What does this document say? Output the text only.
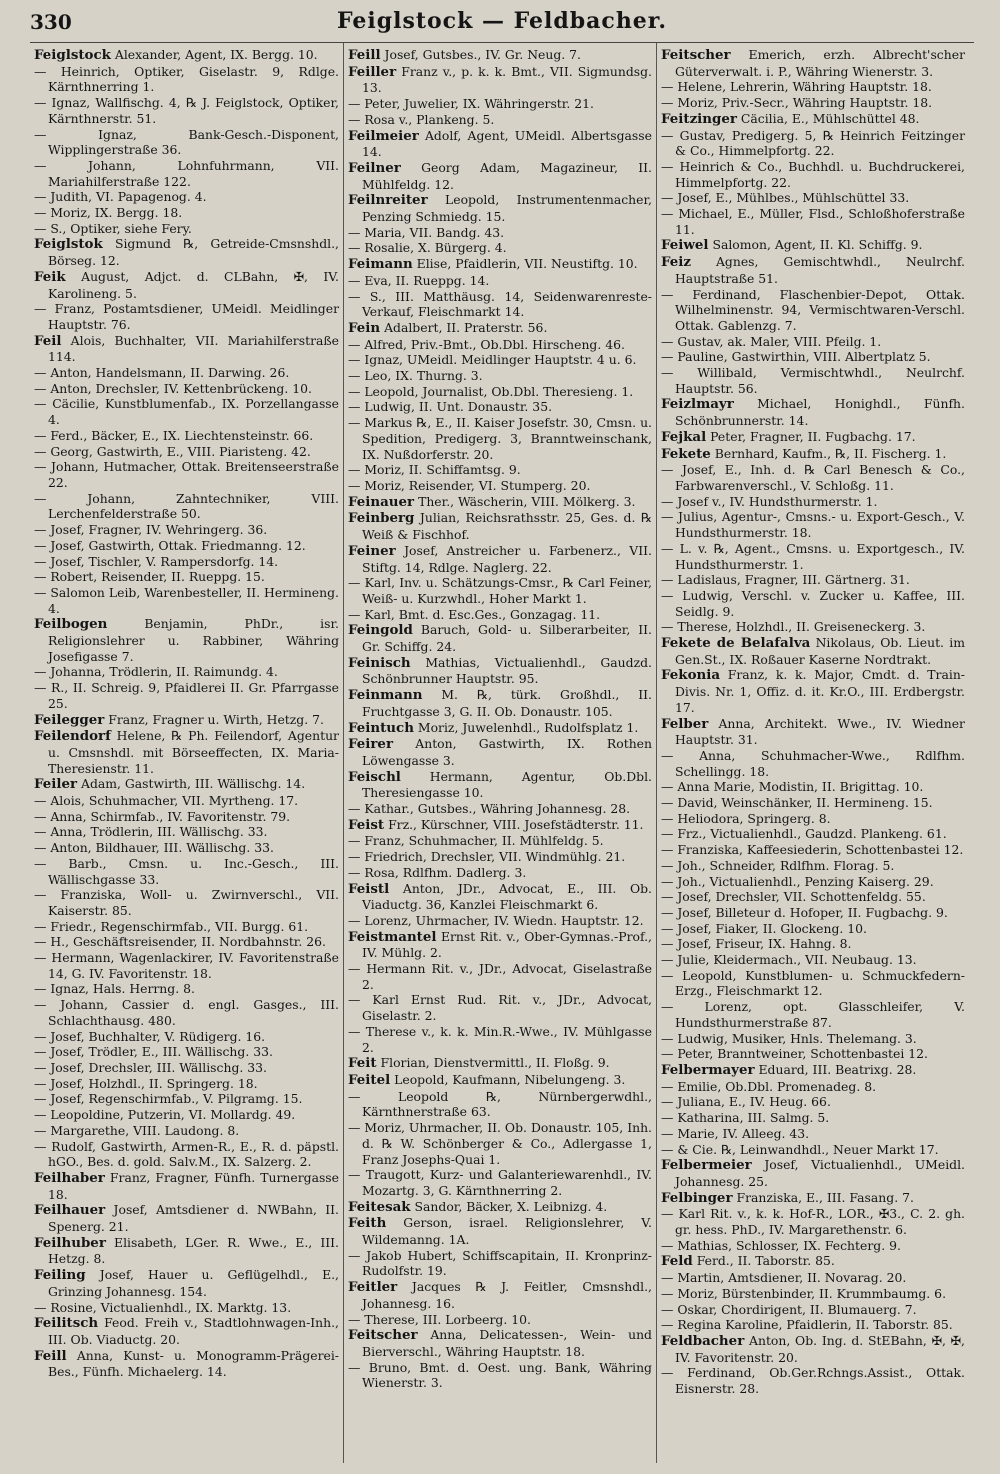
330	Feiglstock — Feldbacher.
Feiglstock Alexander, Agent, IX. Bergg. 10.
— Heinrich, Optiker, Giselastr. 9, Rdlge. Kärnthnerring 1.
— Ignaz, Wallfischg. 4, ℞ J. Feiglstock, Optiker, Kärnthnerstr. 51.
— Ignaz, Bank-Gesch.-Disponent, Wipplingerstraße 36.
— Johann, Lohnfuhrmann, VII. Mariahilferstraße 122.
— Judith, VI. Papagenog. 4.
— Moriz, IX. Bergg. 18.
— S., Optiker, siehe Fery.
Feiglstok Sigmund ℞, Getreide-Cmsnshdl., Börseg. 12.
Feik August, Adjct. d. CLBahn, ✠, IV. Karolineng. 5.
— Franz, Postamtsdiener, UMeidl. Meidlinger Hauptstr. 76.
Feil Alois, Buchhalter, VII. Mariahilferstraße 114.
— Anton, Handelsmann, II. Darwing. 26.
— Anton, Drechsler, IV. Kettenbrückeng. 10.
— Cäcilie, Kunstblumenfab., IX. Porzellangasse 4.
— Ferd., Bäcker, E., IX. Liechtensteinstr. 66.
— Georg, Gastwirth, E., VIII. Piaristeng. 42.
— Johann, Hutmacher, Ottak. Breitenseerstraße 22.
— Johann, Zahntechniker, VIII. Lerchenfelderstraße 50.
— Josef, Fragner, IV. Wehringerg. 36.
— Josef, Gastwirth, Ottak. Friedmanng. 12.
— Josef, Tischler, V. Rampersdorfg. 14.
— Robert, Reisender, II. Rueppg. 15.
— Salomon Leib, Warenbesteller, II. Hermineng. 4.
Feilbogen	Benjamin, PhDr., isr. Religionslehrer u. Rabbiner, Währing Josefigasse 7.
— Johanna, Trödlerin, II. Raimundg. 4.
— R., II. Schreig. 9, Pfaidlerei II. Gr. Pfarrgasse 25.
Feilegger Franz, Fragner u. Wirth, Hetzg. 7.
Feilendorf Helene, ℞ Ph. Feilendorf, Agentur u. Cmsnshdl. mit Börseeffecten, IX. Maria-Theresienstr. 11.
Feiler Adam, Gastwirth, III. Wällischg. 14.
— Alois, Schuhmacher, VII. Myrtheng. 17.
— Anna, Schirmfab., IV. Favoritenstr. 79.
— Anna, Trödlerin, III. Wällischg. 33.
— Anton, Bildhauer, III. Wällischg. 33.
— Barb., Cmsn. u. Inc.-Gesch., III. Wällischgasse 33.
— Franziska, Woll- u. Zwirnverschl., VII. Kaiserstr. 85.
— Friedr., Regenschirmfab., VII. Burgg. 61.
— H., Geschäftsreisender, II. Nordbahnstr. 26.
— Hermann, Wagenlackirer, IV. Favoritenstraße 14, G. IV. Favoritenstr. 18.
— Ignaz, Hals. Herrng. 8.
— Johann, Cassier d. engl. Gasges., III. Schlachthausg. 480.
— Josef, Buchhalter, V. Rüdigerg. 16.
— Josef, Trödler, E., III. Wällischg. 33.
— Josef, Drechsler, III. Wällischg. 33.
— Josef, Holzhdl., II. Springerg. 18.
— Josef, Regenschirmfab., V. Pilgramg. 15.
— Leopoldine, Putzerin, VI. Mollardg. 49.
— Margarethe, VIII. Laudong. 8.
— Rudolf, Gastwirth, Armen-R., E., R. d. päpstl. hGO., Bes. d. gold. Salv.M., IX. Salzerg. 2.
Feilhaber Franz, Fragner, Fünfh. Turnergasse 18.
Feilhauer Josef, Amtsdiener d. NWBahn, II. Spenerg. 21.
Feilhuber Elisabeth, LGer. R. Wwe., E., III. Hetzg. 8.
Feiling Josef, Hauer u. Geflügelhdl., E., Grinzing Johannesg. 154.
— Rosine, Victualienhdl., IX. Marktg. 13.
Feilitsch Feod. Freih v., Stadtlohnwagen-Inh., III. Ob. Viaductg. 20.
Feill Anna, Kunst- u. Monogramm-Prägerei-Bes., Fünfh. Michaelerg. 14.
Feill Josef, Gutsbes., IV. Gr. Neug. 7.
Feiller Franz v., p. k. k. Bmt., VII. Sigmundsg. 13.
— Peter, Juwelier, IX. Währingerstr. 21.
— Rosa v., Plankeng. 5.
Feilmeier Adolf, Agent, UMeidl. Albertsgasse 14.
Feilner Georg Adam, Magazineur, II. Mühlfeldg. 12.
Feilnreiter Leopold, Instrumentenmacher, Penzing Schmiedg. 15.
— Maria, VII. Bandg. 43.
— Rosalie, X. Bürgerg. 4.
Feimann Elise, Pfaidlerin, VII. Neustiftg. 10.
— Eva, II. Rueppg. 14.
— S., III. Matthäusg. 14, Seidenwarenreste-Verkauf, Fleischmarkt 14.
Fein Adalbert, II. Praterstr. 56.
— Alfred, Priv.-Bmt., Ob.Dbl. Hirscheng. 46.
— Ignaz, UMeidl. Meidlinger Hauptstr. 4 u. 6.
— Leo, IX. Thurng. 3.
— Leopold, Journalist, Ob.Dbl. Theresieng. 1.
— Ludwig, II. Unt. Donaustr. 35.
— Markus ℞, E., II. Kaiser Josefstr. 30, Cmsn. u. Spedition, Predigerg. 3, Branntweinschank, IX. Nußdorferstr. 20.
— Moriz, II. Schiffamtsg. 9.
— Moriz, Reisender, VI. Stumperg. 20.
Feinauer Ther., Wäscherin, VIII. Mölkerg. 3.
Feinberg Julian, Reichsrathsstr. 25, Ges. d. ℞ Weiß & Fischhof.
Feiner Josef, Anstreicher u. Farbenerz., VII. Stiftg. 14, Rdlge. Naglerg. 22.
— Karl, Inv. u. Schätzungs-Cmsr., ℞ Carl Feiner, Weiß- u. Kurzwhdl., Hoher Markt 1.
— Karl, Bmt. d. Esc.Ges., Gonzagag. 11.
Feingold Baruch, Gold- u. Silberarbeiter, II. Gr. Schiffg. 24.
Feinisch Mathias, Victualienhdl., Gaudzd. Schönbrunner Hauptstr. 95.
Feinmann M. ℞, türk. Großhdl., II. Fruchtgasse 3, G. II. Ob. Donaustr. 105.
Feintuch Moriz, Juwelenhdl., Rudolfsplatz 1.
Feirer Anton, Gastwirth, IX. Rothen Löwengasse 3.
Feischl Hermann, Agentur, Ob.Dbl. Theresiengasse 10.
— Kathar., Gutsbes., Währing Johannesg. 28.
Feist Frz., Kürschner, VIII. Josefstädterstr. 11.
— Franz, Schuhmacher, II. Mühlfeldg. 5.
— Friedrich, Drechsler, VII. Windmühlg. 21.
— Rosa, Rdlfhm. Dadlerg. 3.
Feistl Anton, JDr., Advocat, E., III. Ob. Viaductg. 36, Kanzlei Fleischmarkt 6.
— Lorenz, Uhrmacher, IV. Wiedn. Hauptstr. 12.
Feistmantel Ernst Rit. v., Ober-Gymnas.-Prof., IV. Mühlg. 2.
— Hermann Rit. v., JDr., Advocat, Giselastraße 2.
— Karl Ernst Rud. Rit. v., JDr., Advocat, Giselastr. 2.
— Therese v., k. k. Min.R.-Wwe., IV. Mühlgasse 2.
Feit Florian, Dienstvermittl., II. Floßg. 9.
Feitel Leopold, Kaufmann, Nibelungeng. 3.
— Leopold ℞, Nürnbergerwdhl., Kärnthnerstraße 63.
— Moriz, Uhrmacher, II. Ob. Donaustr. 105, Inh. d. ℞ W. Schönberger & Co., Adlergasse 1, Franz Josephs-Quai 1.
— Traugott, Kurz- und Galanteriewarenhdl., IV. Mozartg. 3, G. Kärnthnerring 2.
Feitesak Sandor, Bäcker, X. Leibnizg. 4.
Feith Gerson, israel. Religionslehrer, V. Wildemanng. 1A.
— Jakob Hubert, Schiffscapitain, II. Kronprinz-Rudolfstr. 19.
Feitler Jacques ℞ J. Feitler, Cmsnshdl., Johannesg. 16.
— Therese, III. Lorbeerg. 10.
Feitscher Anna, Delicatessen-, Wein- und Bierverschl., Währing Hauptstr. 18.
— Bruno, Bmt. d. Oest. ung. Bank, Währing Wienerstr. 3.
Feitscher Emerich, erzh. Albrecht'scher Güterverwalt. i. P., Währing Wienerstr. 3.
— Helene, Lehrerin, Währing Hauptstr. 18.
— Moriz, Priv.-Secr., Währing Hauptstr. 18.
Feitzinger Cäcilia, E., Mühlschüttel 48.
— Gustav, Predigerg. 5, ℞ Heinrich Feitzinger & Co., Himmelpfortg. 22.
— Heinrich & Co., Buchhdl. u. Buchdruckerei, Himmelpfortg. 22.
— Josef, E., Mühlbes., Mühlschüttel 33.
— Michael, E., Müller, Flsd., Schloßhoferstraße 11.
Feiwel Salomon, Agent, II. Kl. Schiffg. 9.
Feiz Agnes, Gemischtwhdl., Neulrchf. Hauptstraße 51.
— Ferdinand, Flaschenbier-Depot, Ottak. Wilhelminenstr. 94, Vermischtwaren-Verschl. Ottak. Gablenzg. 7.
— Gustav, ak. Maler, VIII. Pfeilg. 1.
— Pauline, Gastwirthin, VIII. Albertplatz 5.
— Willibald, Vermischtwhdl., Neulrchf. Hauptstr. 56.
Feizlmayr Michael, Honighdl., Fünfh. Schönbrunnerstr. 14.
Fejkal Peter, Fragner, II. Fugbachg. 17.
Fekete Bernhard, Kaufm., ℞, II. Fischerg. 1.
— Josef, E., Inh. d. ℞ Carl Benesch & Co., Farbwarenverschl., V. Schloßg. 11.
— Josef v., IV. Hundsthurmerstr. 1.
— Julius, Agentur-, Cmsns.- u. Export-Gesch., V. Hundsthurmerstr. 18.
— L. v. ℞, Agent., Cmsns. u. Exportgesch., IV. Hundsthurmerstr. 1.
— Ladislaus, Fragner, III. Gärtnerg. 31.
— Ludwig, Verschl. v. Zucker u. Kaffee, III. Seidlg. 9.
— Therese, Holzhdl., II. Greiseneckerg. 3.
Fekete de Belafalva Nikolaus, Ob. Lieut. im Gen.St., IX. Roßauer Kaserne Nordtrakt.
Fekonia Franz, k. k. Major, Cmdt. d. Train-Divis. Nr. 1, Offiz. d. it. Kr.O., III. Erdbergstr. 17.
Felber Anna, Architekt. Wwe., IV. Wiedner Hauptstr. 31.
— Anna, Schuhmacher-Wwe., Rdlfhm. Schellingg. 18.
— Anna Marie, Modistin, II. Brigittag. 10.
— David, Weinschänker, II. Hermineng. 15.
— Heliodora, Springerg. 8.
— Frz., Victualienhdl., Gaudzd. Plankeng. 61.
— Franziska, Kaffeesiederin, Schottenbastei 12.
— Joh., Schneider, Rdlfhm. Florag. 5.
— Joh., Victualienhdl., Penzing Kaiserg. 29.
— Josef, Drechsler, VII. Schottenfeldg. 55.
— Josef, Billeteur d. Hofoper, II. Fugbachg. 9.
— Josef, Fiaker, II. Glockeng. 10.
— Josef, Friseur, IX. Hahng. 8.
— Julie, Kleidermach., VII. Neubaug. 13.
— Leopold, Kunstblumen- u. Schmuckfedern-Erzg., Fleischmarkt 12.
— Lorenz, opt. Glasschleifer, V. Hundsthurmerstraße 87.
— Ludwig, Musiker, Hnls. Thelemang. 3.
— Peter, Branntweiner, Schottenbastei 12.
Felbermayer Eduard, III. Beatrixg. 28.
— Emilie, Ob.Dbl. Promenadeg. 8.
— Juliana, E., IV. Heug. 66.
— Katharina, III. Salmg. 5.
— Marie, IV. Alleeg. 43.
— & Cie. ℞, Leinwandhdl., Neuer Markt 17.
Felbermeier Josef, Victualienhdl., UMeidl. Johannesg. 25.
Felbinger Franziska, E., III. Fasang. 7.
— Karl Rit. v., k. k. Hof-R., LOR., ✠3., C. 2. gh. gr. hess. PhD., IV. Margarethenstr. 6.
— Mathias, Schlosser, IX. Fechterg. 9.
Feld Ferd., II. Taborstr. 85.
— Martin, Amtsdiener, II. Novarag. 20.
— Moriz, Bürstenbinder, II. Krummbaumg. 6.
— Oskar, Chordirigent, II. Blumauerg. 7.
— Regina Karoline, Pfaidlerin, II. Taborstr. 85.
Feldbacher Anton, Ob. Ing. d. StEBahn, ✠, ✠, IV. Favoritenstr. 20.
— Ferdinand, Ob.Ger.Rchngs.Assist., Ottak. Eisnerstr. 28.
